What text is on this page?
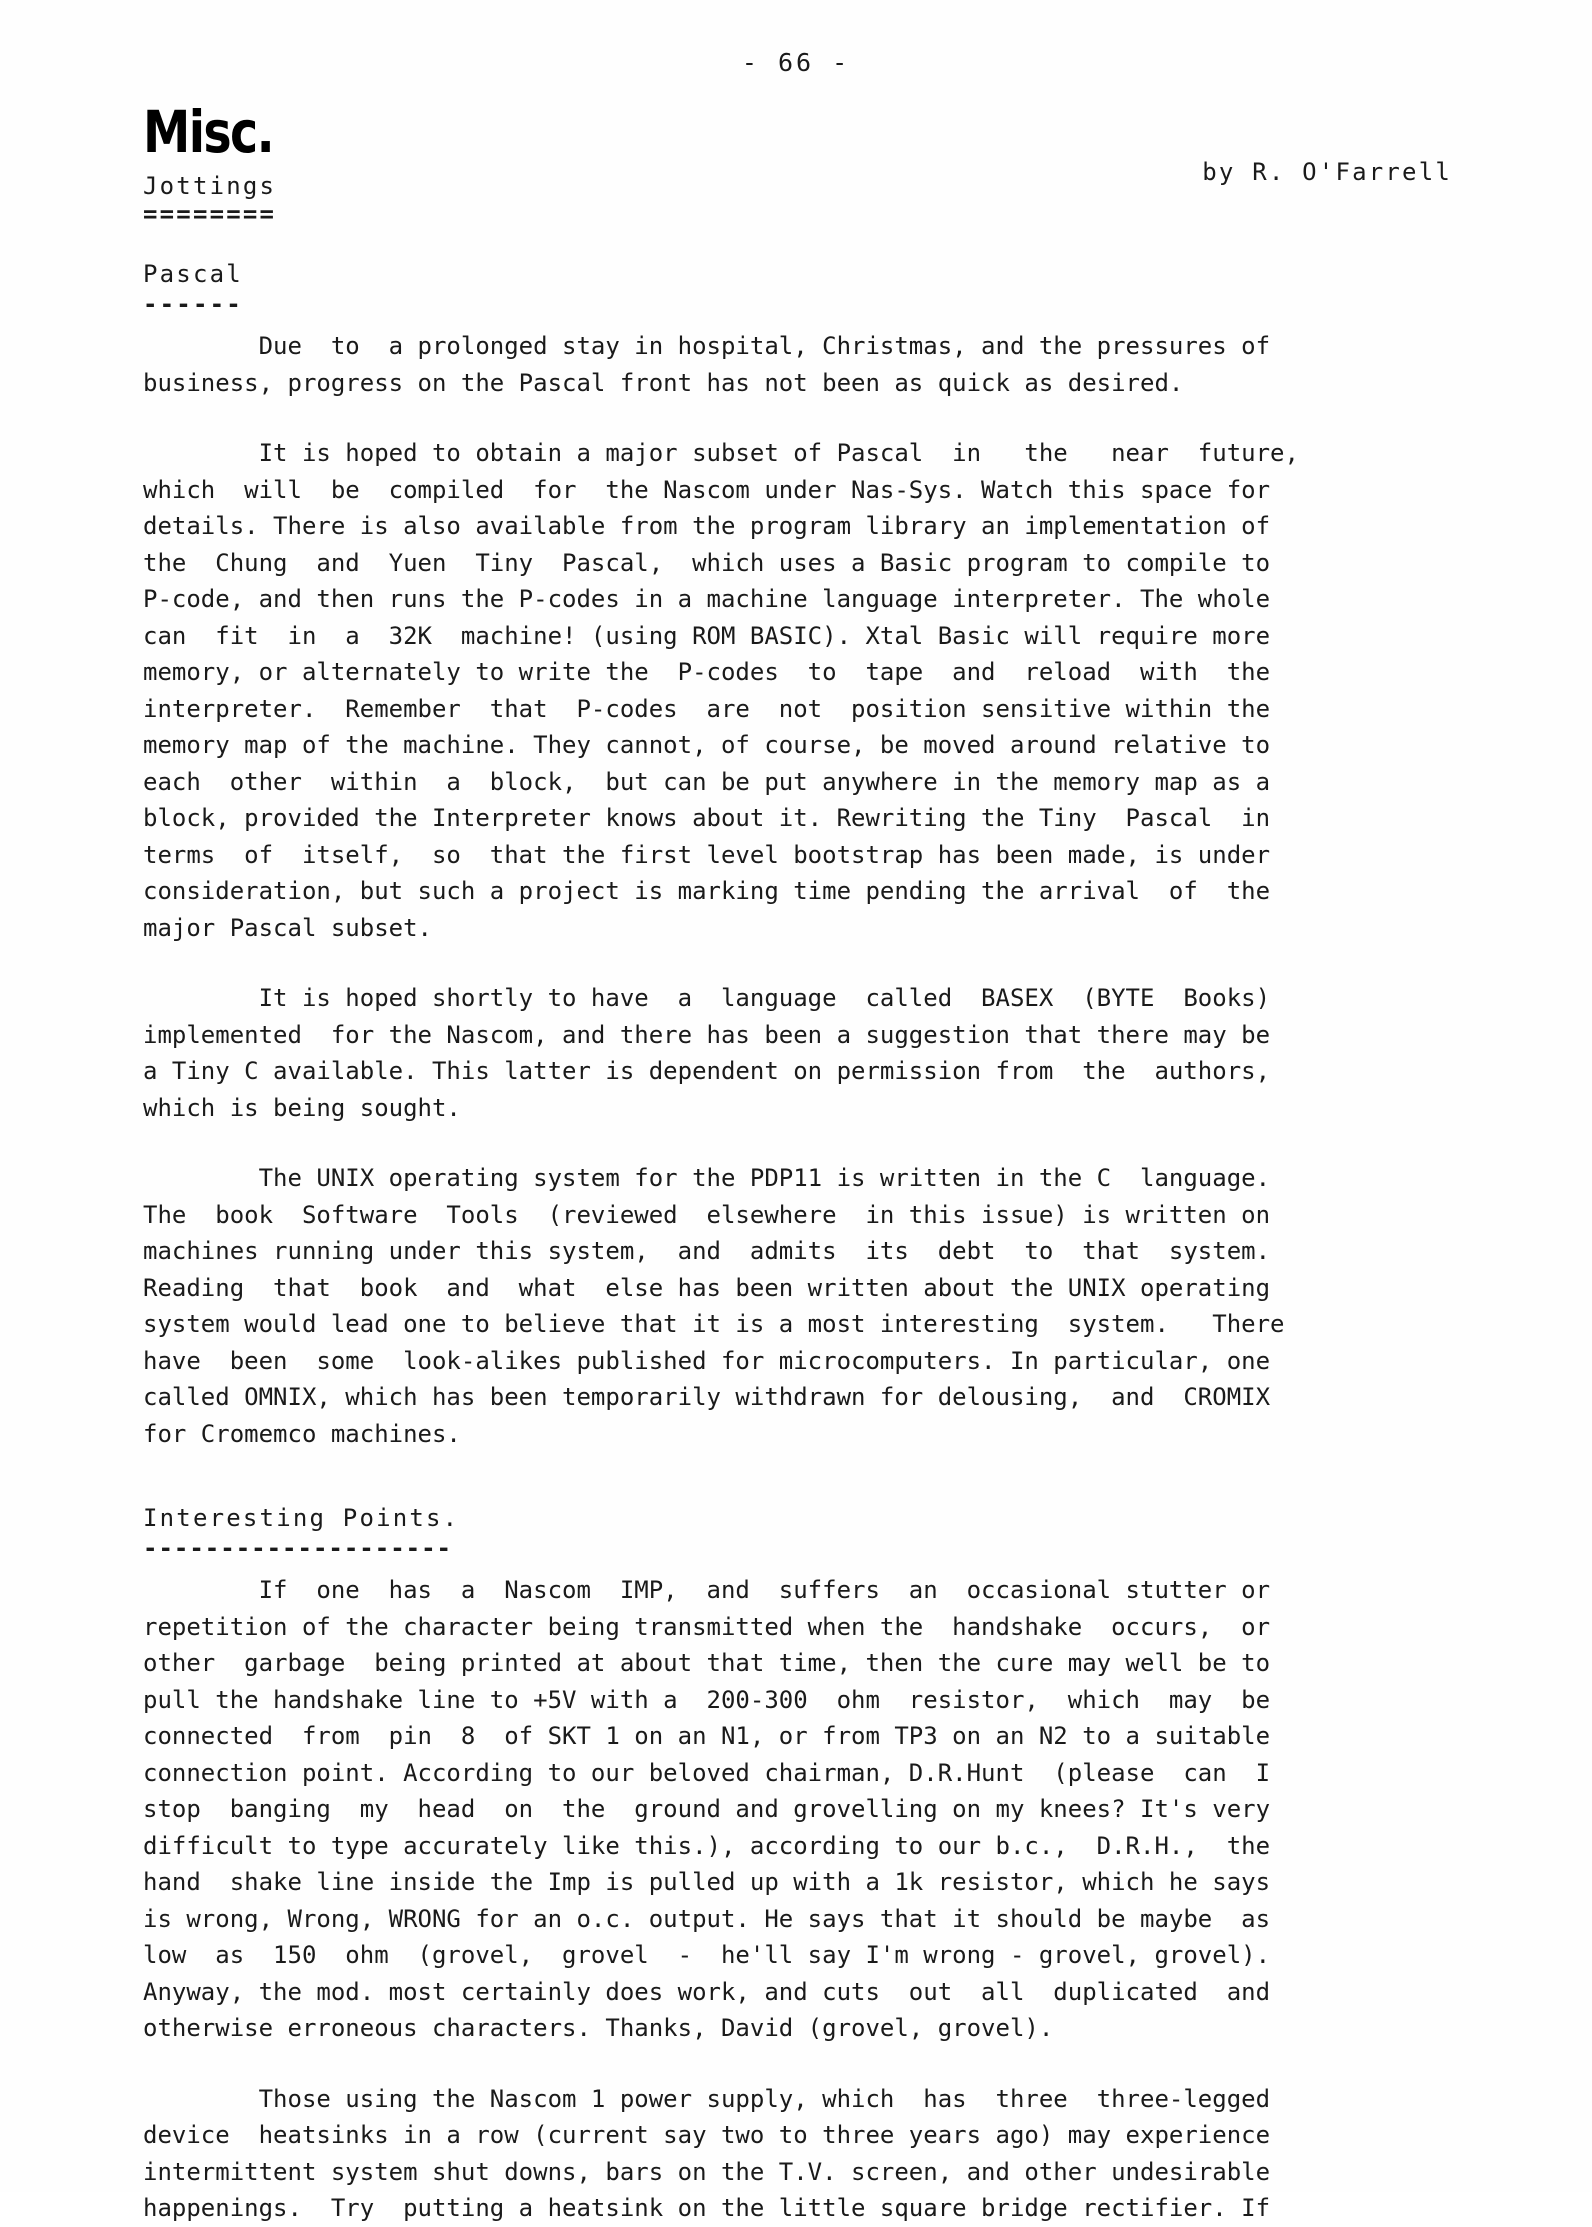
- 66 -
Misc.
Jottings
========
by R. O'Farrell
Pascal
------
Due  to  a prolonged stay in hospital, Christmas, and the pressures of
business, progress on the Pascal front has not been as quick as desired.
It is hoped to obtain a major subset of Pascal  in   the   near  future,
which  will  be  compiled  for  the Nascom under Nas-Sys. Watch this space for
details. There is also available from the program library an implementation of
the  Chung  and  Yuen  Tiny  Pascal,  which uses a Basic program to compile to
P-code, and then runs the P-codes in a machine language interpreter. The whole
can  fit  in  a  32K  machine! (using ROM BASIC). Xtal Basic will require more
memory, or alternately to write the  P-codes  to  tape  and  reload  with  the
interpreter.  Remember  that  P-codes  are  not  position sensitive within the
memory map of the machine. They cannot, of course, be moved around relative to
each  other  within  a  block,  but can be put anywhere in the memory map as a
block, provided the Interpreter knows about it. Rewriting the Tiny  Pascal  in
terms  of  itself,  so  that the first level bootstrap has been made, is under
consideration, but such a project is marking time pending the arrival  of  the
major Pascal subset.
It is hoped shortly to have  a  language  called  BASEX  (BYTE  Books)
implemented  for the Nascom, and there has been a suggestion that there may be
a Tiny C available. This latter is dependent on permission from  the  authors,
which is being sought.
The UNIX operating system for the PDP11 is written in the C  language.
The  book  Software  Tools  (reviewed  elsewhere  in this issue) is written on
machines running under this system,  and  admits  its  debt  to  that  system.
Reading  that  book  and  what  else has been written about the UNIX operating
system would lead one to believe that it is a most interesting  system.   There
have  been  some  look-alikes published for microcomputers. In particular, one
called OMNIX, which has been temporarily withdrawn for delousing,  and  CROMIX
for Cromemco machines.
Interesting Points.
--------------------
If  one  has  a  Nascom  IMP,  and  suffers  an  occasional stutter or
repetition of the character being transmitted when the  handshake  occurs,  or
other  garbage  being printed at about that time, then the cure may well be to
pull the handshake line to +5V with a  200-300  ohm  resistor,  which  may  be
connected  from  pin  8  of SKT 1 on an N1, or from TP3 on an N2 to a suitable
connection point. According to our beloved chairman, D.R.Hunt  (please  can  I
stop  banging  my  head  on  the  ground and grovelling on my knees? It's very
difficult to type accurately like this.), according to our b.c.,  D.R.H.,  the
hand  shake line inside the Imp is pulled up with a 1k resistor, which he says
is wrong, Wrong, WRONG for an o.c. output. He says that it should be maybe  as
low  as  150  ohm  (grovel,  grovel  -  he'll say I'm wrong - grovel, grovel).
Anyway, the mod. most certainly does work, and cuts  out  all  duplicated  and
otherwise erroneous characters. Thanks, David (grovel, grovel).
Those using the Nascom 1 power supply, which  has  three  three-legged
device  heatsinks in a row (current say two to three years ago) may experience
intermittent system shut downs, bars on the T.V. screen, and other undesirable
happenings.  Try  putting a heatsink on the little square bridge rectifier. If
